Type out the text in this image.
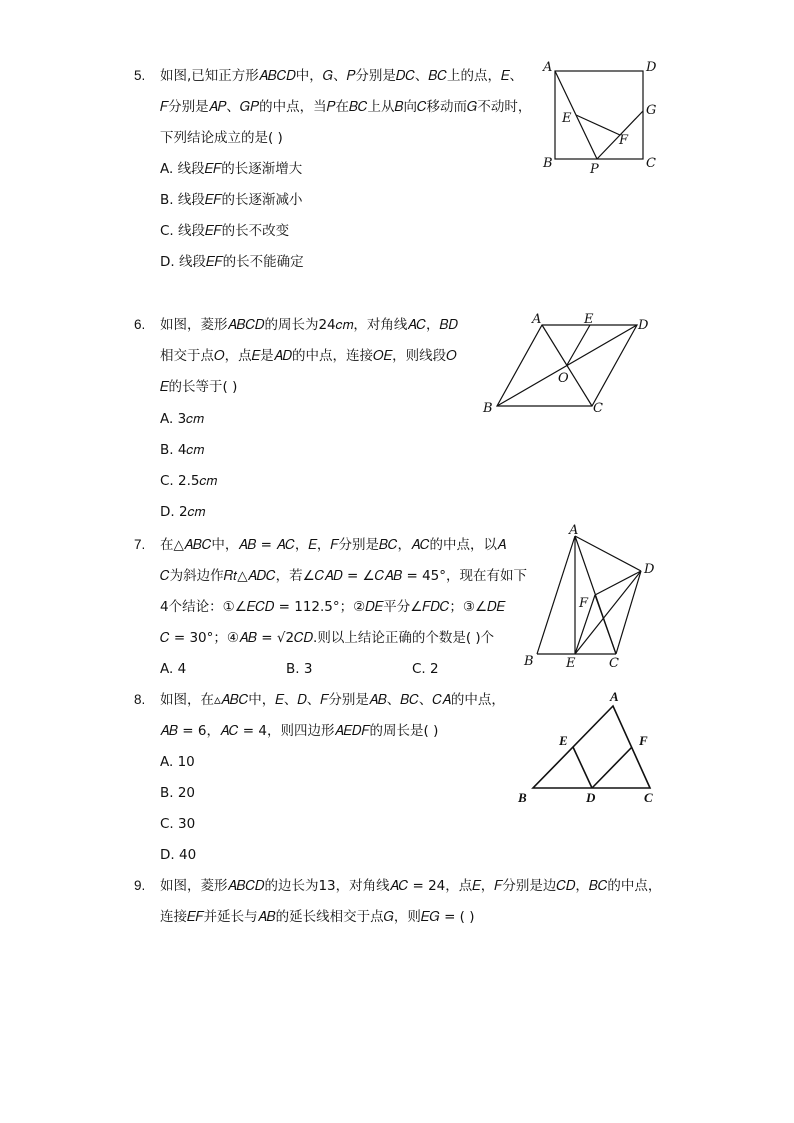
5. 如图,已知正方形𝐴𝐵𝐶𝐷中，𝐺、𝑃分别是𝐷𝐶、𝐵𝐶上的点，𝐸、
𝐹分别是𝐴𝑃、𝐺𝑃的中点，当𝑃在𝐵𝐶上从𝐵向𝐶移动而𝐺不动时，
下列结论成立的是( )
A. 线段𝐸𝐹的长逐渐增大
B. 线段𝐸𝐹的长逐渐减小
C. 线段𝐸𝐹的长不改变
D. 线段𝐸𝐹的长不能确定
A	D
B	C
G
E
F
P
6. 如图，菱形𝐴𝐵𝐶𝐷的周长为24𝑐𝑚，对角线𝐴𝐶，𝐵𝐷
相交于点𝑂，点𝐸是𝐴𝐷的中点，连接𝑂𝐸，则线段𝑂
𝐸的长等于( )
A. 3𝑐𝑚
B. 4𝑐𝑚
C. 2.5𝑐𝑚
D. 2𝑐𝑚
A	E	D
O
B	C
7. 在△𝐴𝐵𝐶中，𝐴𝐵 = 𝐴𝐶，𝐸，𝐹分别是𝐵𝐶，𝐴𝐶的中点，以𝐴
𝐶为斜边作𝑅𝑡△𝐴𝐷𝐶，若∠𝐶𝐴𝐷 = ∠𝐶𝐴𝐵 = 45°，现在有如下
4个结论：①∠𝐸𝐶𝐷 = 112.5°；②𝐷𝐸平分∠𝐹𝐷𝐶；③∠𝐷𝐸
𝐶 = 30°；④𝐴𝐵 = √2𝐶𝐷.则以上结论正确的个数是( )个
A. 4	B. 3	C. 2
A
D
F
B E	C
8. 如图，在▵𝐴𝐵𝐶中，𝐸、𝐷、𝐹分别是𝐴𝐵、𝐵𝐶、𝐶𝐴的中点，
𝐴𝐵 = 6，𝐴𝐶 = 4，则四边形𝐴𝐸𝐷𝐹的周长是( )
A. 10
B. 20
C. 30
D. 40
A
E	F
B	D	C
9. 如图，菱形𝐴𝐵𝐶𝐷的边长为13，对角线𝐴𝐶 = 24，点𝐸，𝐹分别是边𝐶𝐷，𝐵𝐶的中点，
连接𝐸𝐹并延长与𝐴𝐵的延长线相交于点𝐺，则𝐸𝐺 = ( )
